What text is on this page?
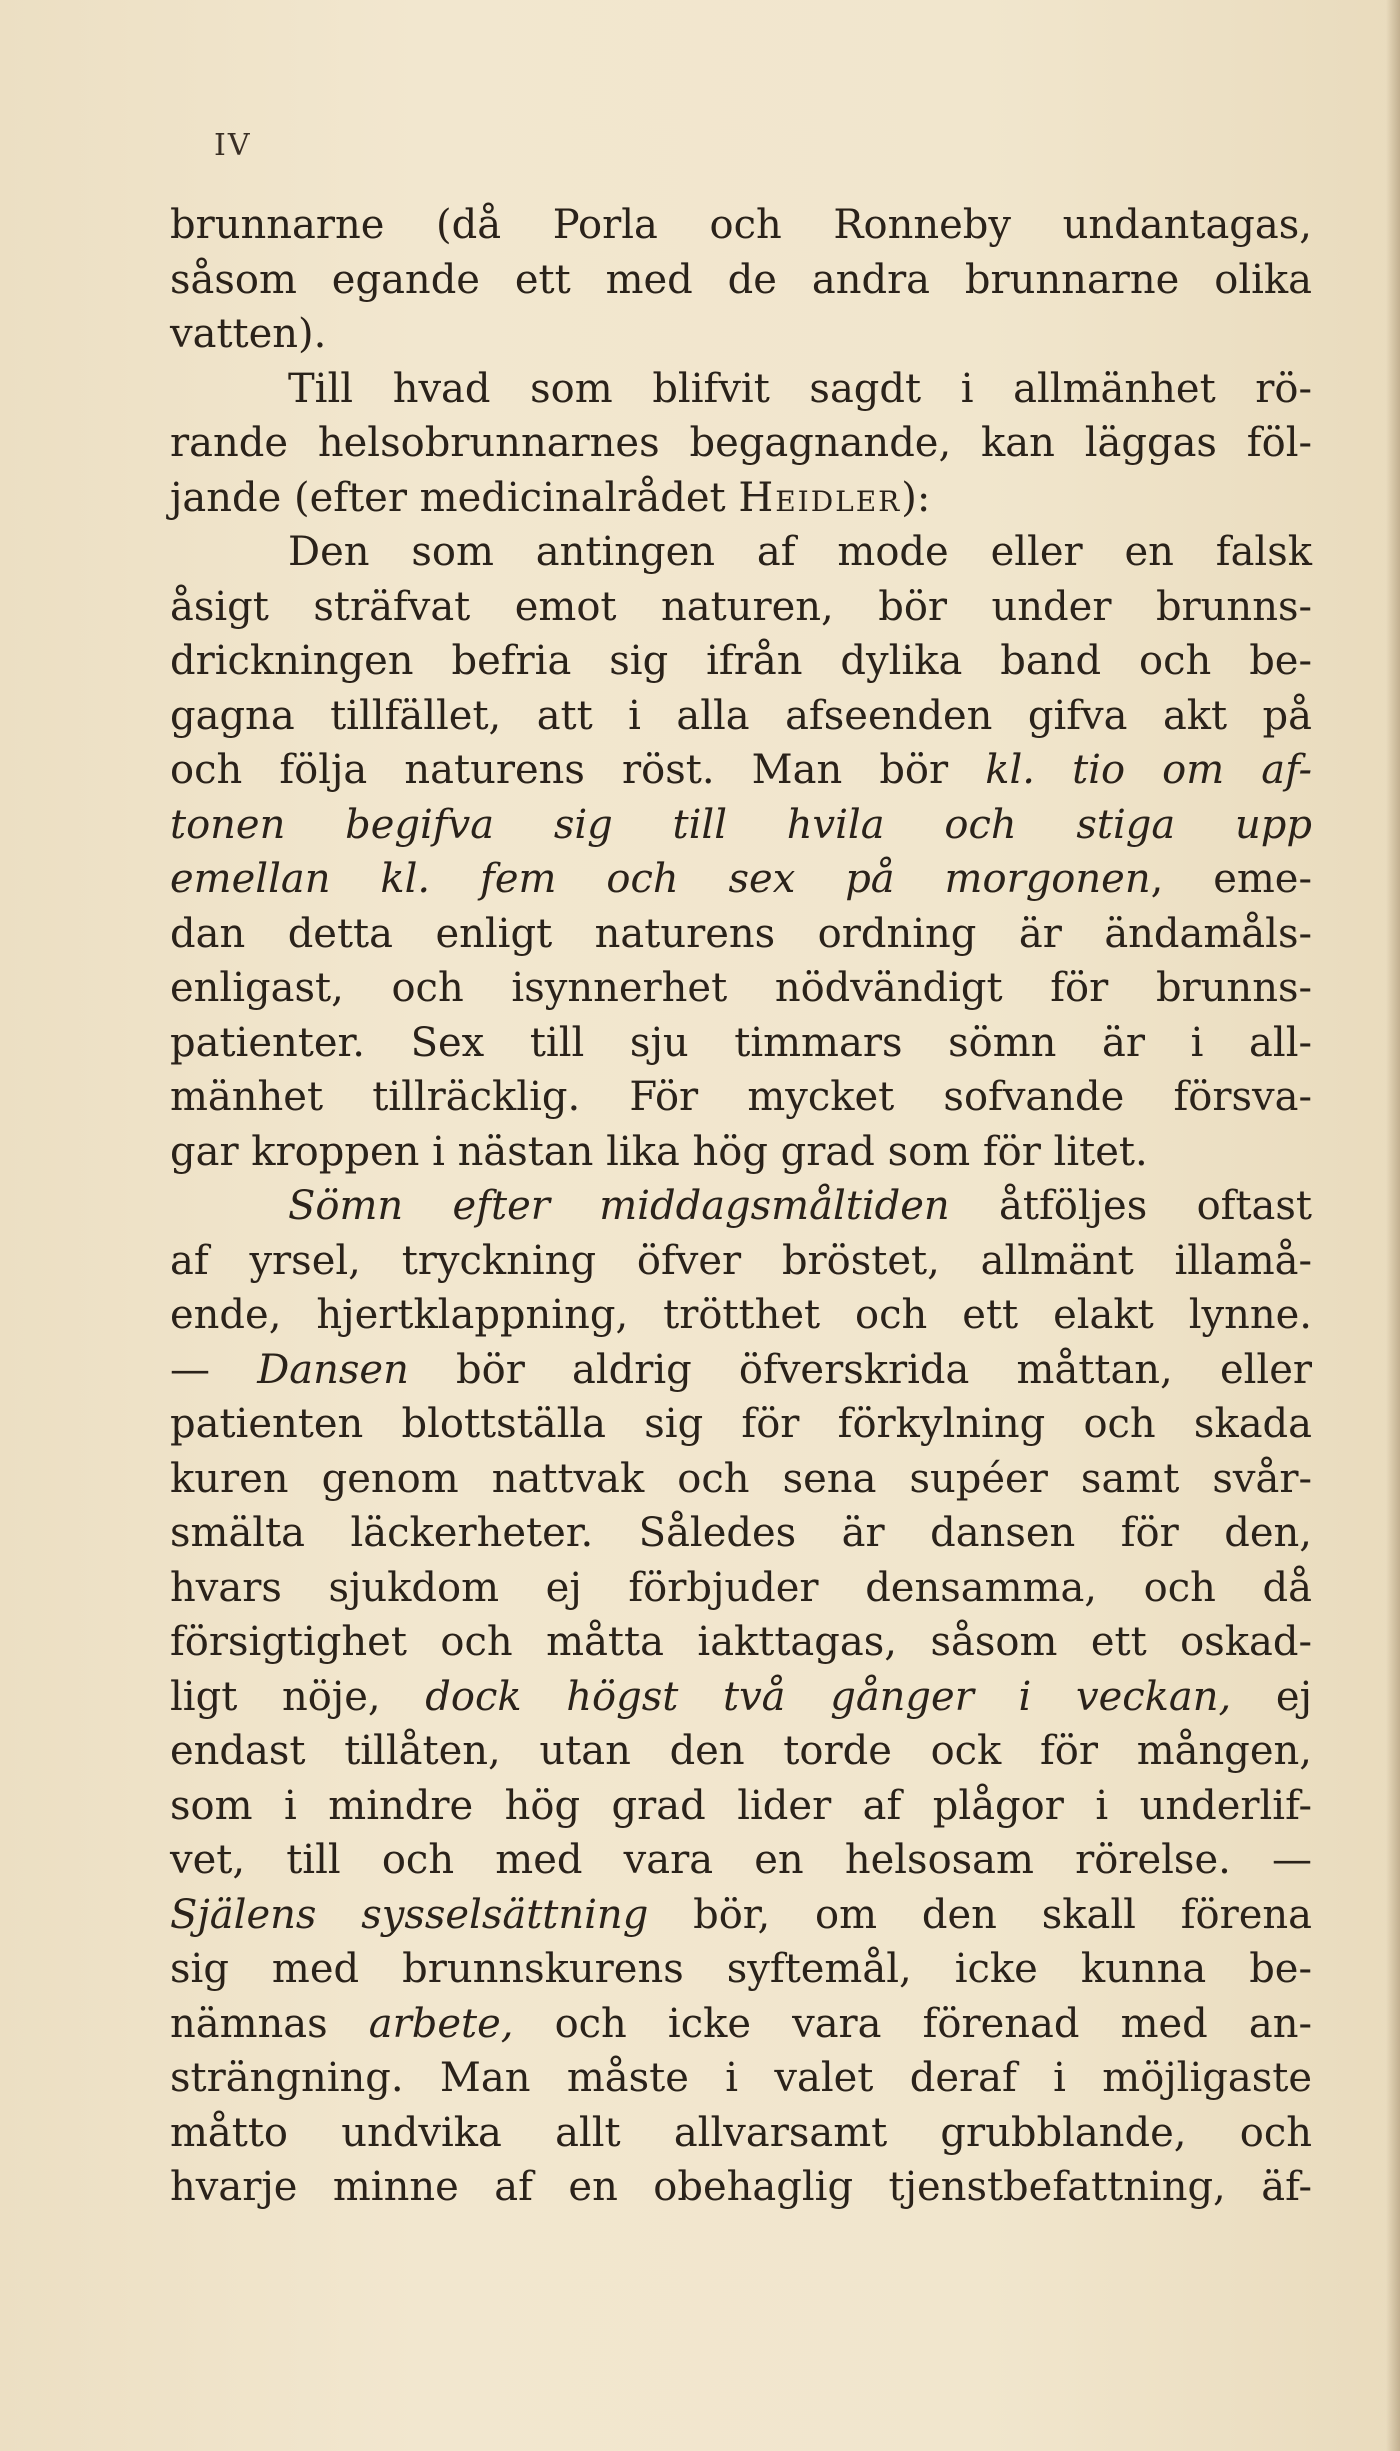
IV
brunnarne (då Porla och Ronneby undantagas,
såsom egande ett med de andra brunnarne olika
vatten).
Till hvad som blifvit sagdt i allmänhet rö-
rande helsobrunnarnes begagnande, kan läggas föl-
jande (efter medicinalrådet Heidler):
Den som antingen af mode eller en falsk
åsigt sträfvat emot naturen, bör under brunns-
drickningen befria sig ifrån dylika band och be-
gagna tillfället, att i alla afseenden gifva akt på
och följa naturens röst. Man bör kl. tio om af-
tonen begifva sig till hvila och stiga upp
emellan kl. fem och sex på morgonen, eme-
dan detta enligt naturens ordning är ändamåls-
enligast, och isynnerhet nödvändigt för brunns-
patienter. Sex till sju timmars sömn är i all-
mänhet tillräcklig. För mycket sofvande försva-
gar kroppen i nästan lika hög grad som för litet.
Sömn efter middagsmåltiden åtföljes oftast
af yrsel, tryckning öfver bröstet, allmänt illamå-
ende, hjertklappning, trötthet och ett elakt lynne.
— Dansen bör aldrig öfverskrida måttan, eller
patienten blottställa sig för förkylning och skada
kuren genom nattvak och sena supéer samt svår-
smälta läckerheter. Således är dansen för den,
hvars sjukdom ej förbjuder densamma, och då
försigtighet och måtta iakttagas, såsom ett oskad-
ligt nöje, dock högst två gånger i veckan, ej
endast tillåten, utan den torde ock för mången,
som i mindre hög grad lider af plågor i underlif-
vet, till och med vara en helsosam rörelse. —
Själens sysselsättning bör, om den skall förena
sig med brunnskurens syftemål, icke kunna be-
nämnas arbete, och icke vara förenad med an-
strängning. Man måste i valet deraf i möjligaste
måtto undvika allt allvarsamt grubblande, och
hvarje minne af en obehaglig tjenstbefattning, äf-
